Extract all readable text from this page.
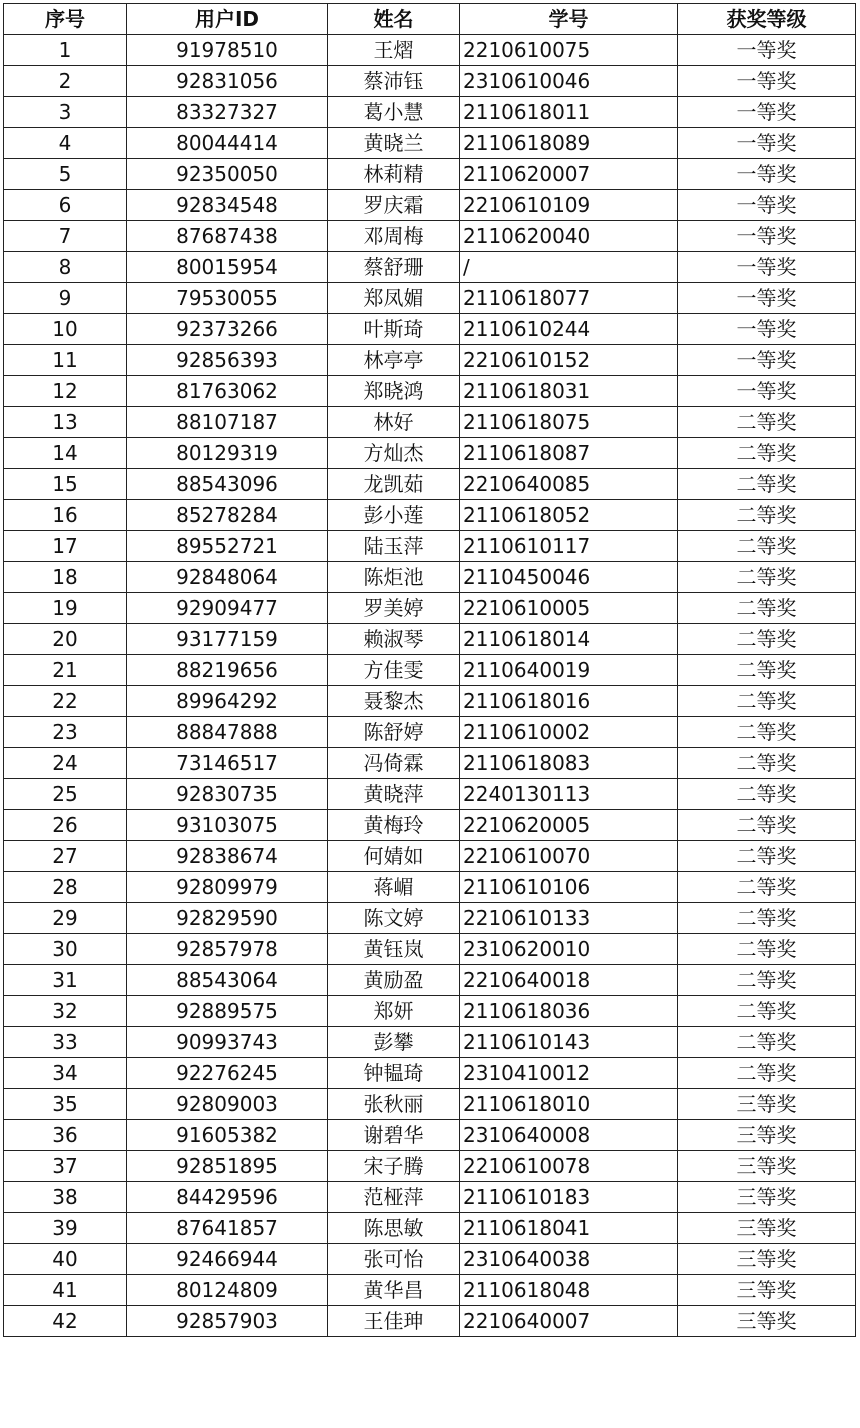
序号	用户ID	姓名	学号	获奖等级
1	91978510	王熠	2210610075	一等奖
2	92831056	蔡沛钰	2310610046	一等奖
3	83327327	葛小慧	2110618011	一等奖
4	80044414	黄晓兰	2110618089	一等奖
5	92350050	林莉精	2110620007	一等奖
6	92834548	罗庆霜	2210610109	一等奖
7	87687438	邓周梅	2110620040	一等奖
8	80015954	蔡舒珊	/	一等奖
9	79530055	郑凤媚	2110618077	一等奖
10	92373266	叶斯琦	2110610244	一等奖
11	92856393	林亭亭	2210610152	一等奖
12	81763062	郑晓鸿	2110618031	一等奖
13	88107187	林好	2110618075	二等奖
14	80129319	方灿杰	2110618087	二等奖
15	88543096	龙凯茹	2210640085	二等奖
16	85278284	彭小莲	2110618052	二等奖
17	89552721	陆玉萍	2110610117	二等奖
18	92848064	陈炬池	2110450046	二等奖
19	92909477	罗美婷	2210610005	二等奖
20	93177159	赖淑琴	2110618014	二等奖
21	88219656	方佳雯	2110640019	二等奖
22	89964292	聂黎杰	2110618016	二等奖
23	88847888	陈舒婷	2110610002	二等奖
24	73146517	冯倚霖	2110618083	二等奖
25	92830735	黄晓萍	2240130113	二等奖
26	93103075	黄梅玲	2210620005	二等奖
27	92838674	何婧如	2210610070	二等奖
28	92809979	蒋嵋	2110610106	二等奖
29	92829590	陈文婷	2210610133	二等奖
30	92857978	黄钰岚	2310620010	二等奖
31	88543064	黄励盈	2210640018	二等奖
32	92889575	郑妍	2110618036	二等奖
33	90993743	彭攀	2110610143	二等奖
34	92276245	钟韫琦	2310410012	二等奖
35	92809003	张秋丽	2110618010	三等奖
36	91605382	谢碧华	2310640008	三等奖
37	92851895	宋子腾	2210610078	三等奖
38	84429596	范桠萍	2110610183	三等奖
39	87641857	陈思敏	2110618041	三等奖
40	92466944	张可怡	2310640038	三等奖
41	80124809	黄华昌	2110618048	三等奖
42	92857903	王佳珅	2210640007	三等奖
